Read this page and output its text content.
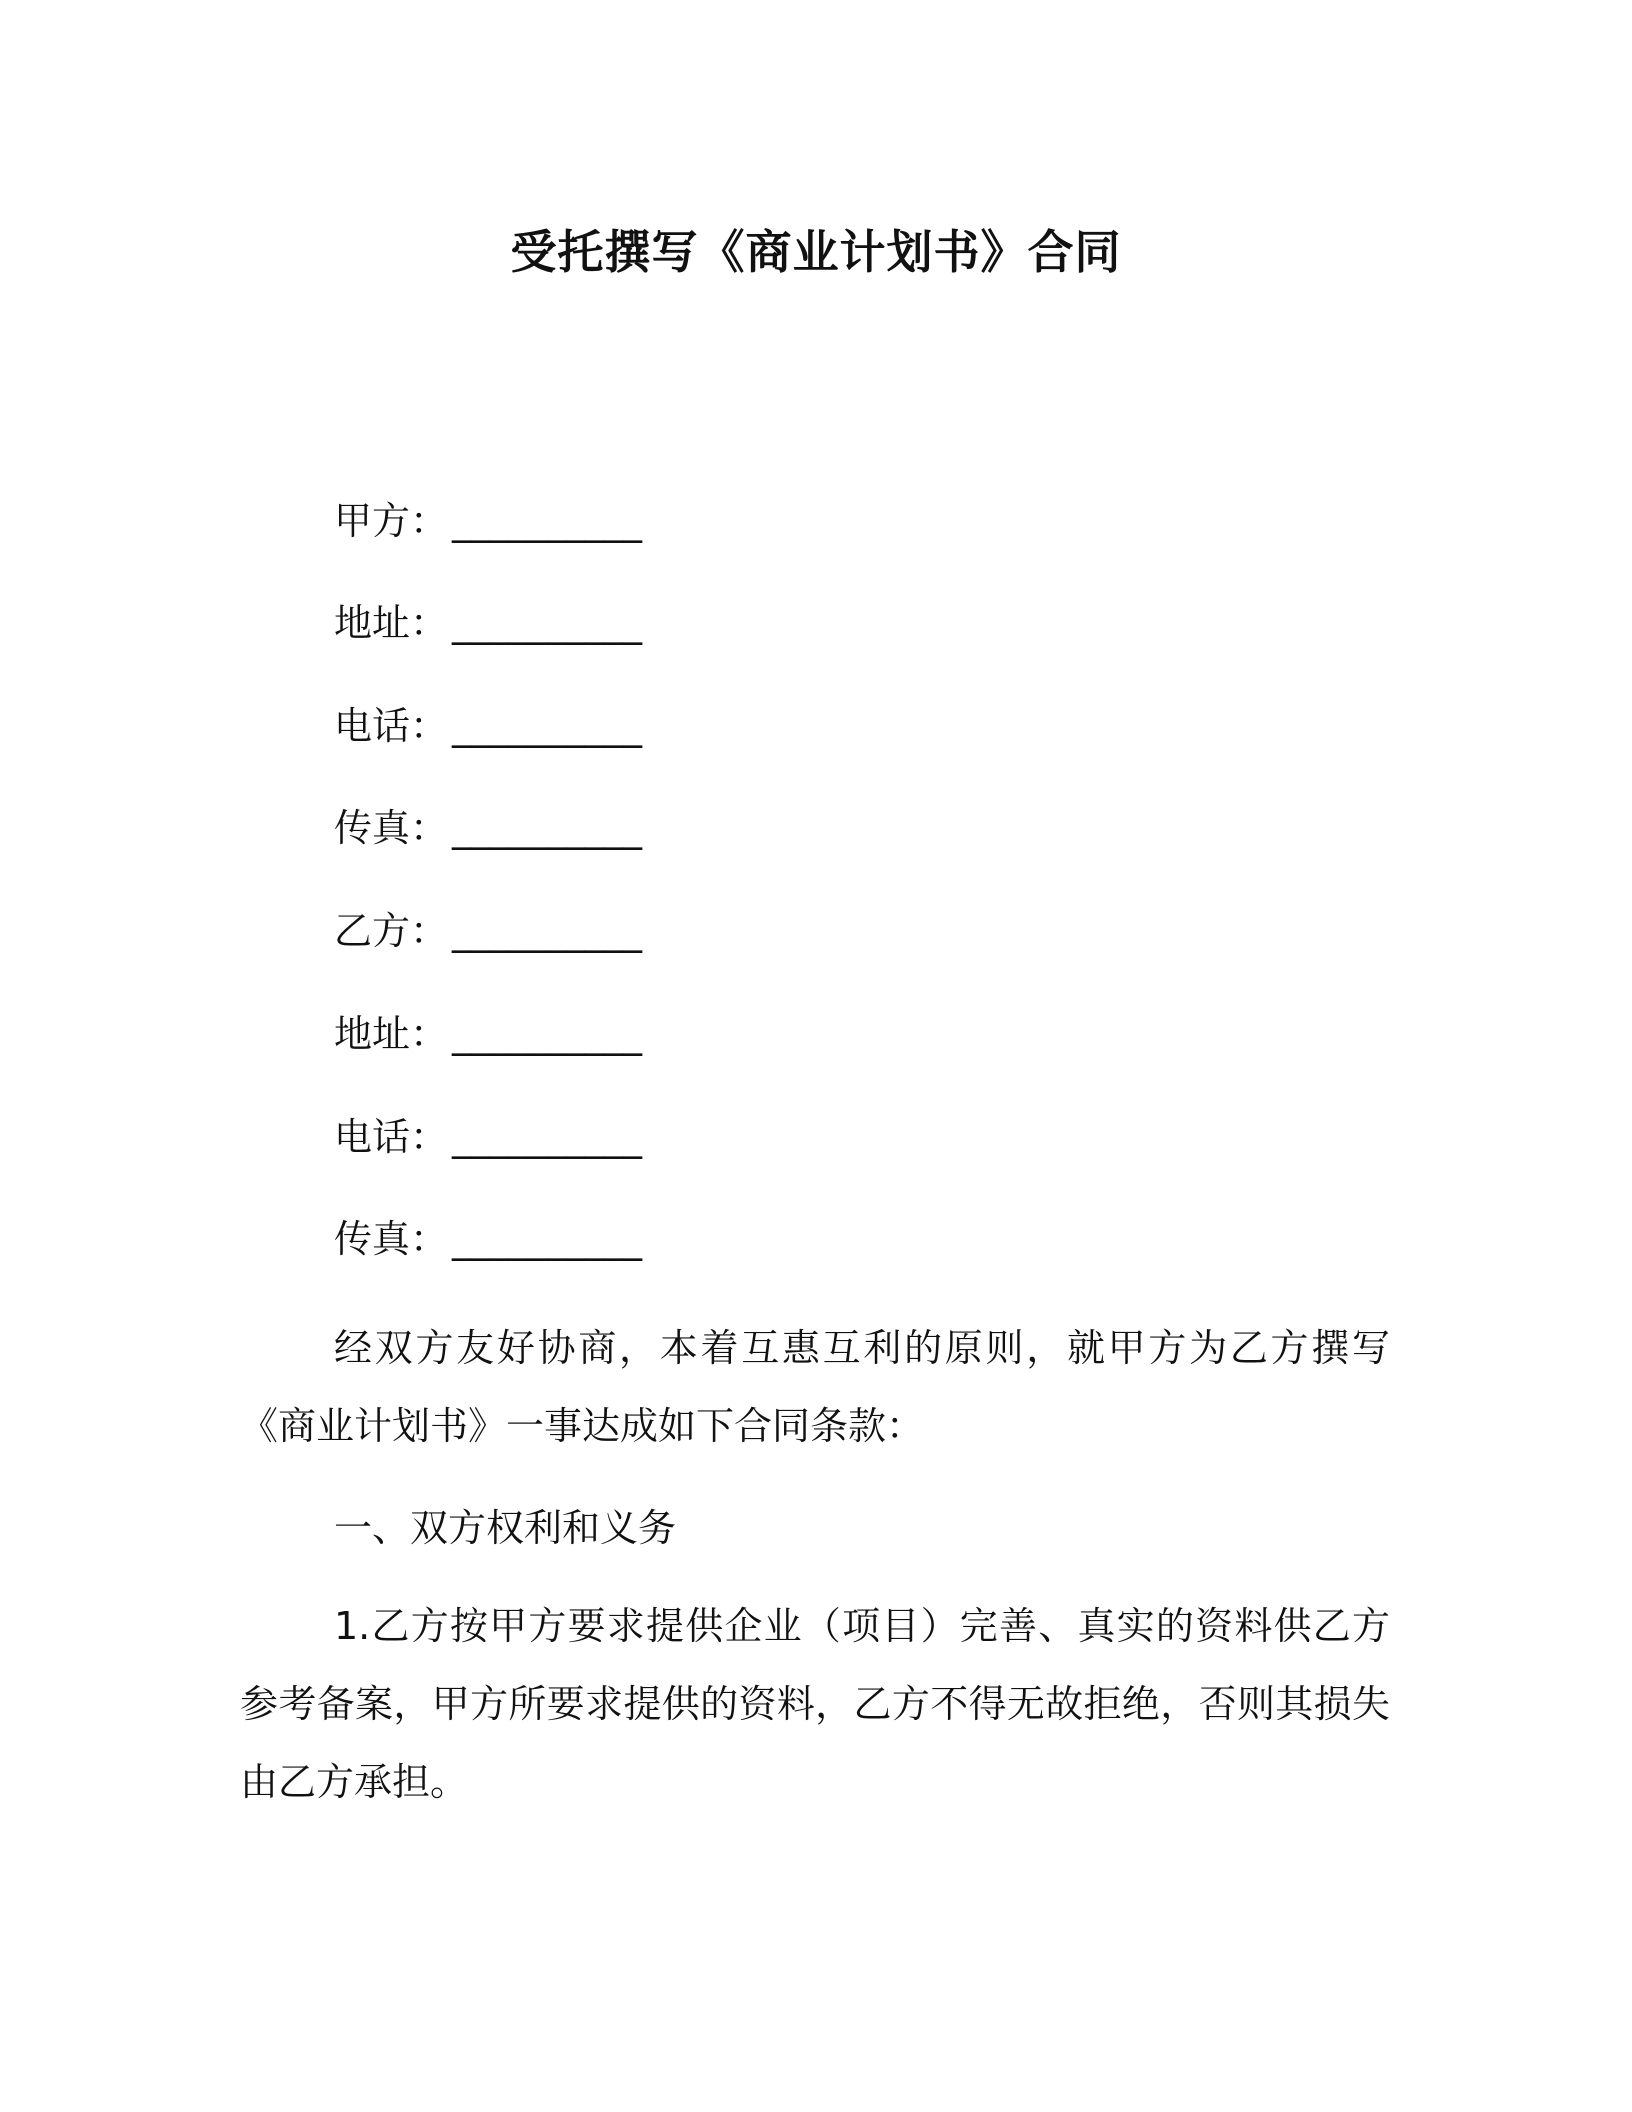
受托撰写《商业计划书》合同
甲方： __________
地址： __________
电话： __________
传真： __________
乙方： __________
地址： __________
电话： __________
传真： __________
经双方友好协商，本着互惠互利的原则，就甲方为乙方撰写《商业计划书》一事达成如下合同条款：
一、双方权利和义务
1.乙方按甲方要求提供企业（项目）完善、真实的资料供乙方参考备案，甲方所要求提供的资料，乙方不得无故拒绝，否则其损失由乙方承担。
